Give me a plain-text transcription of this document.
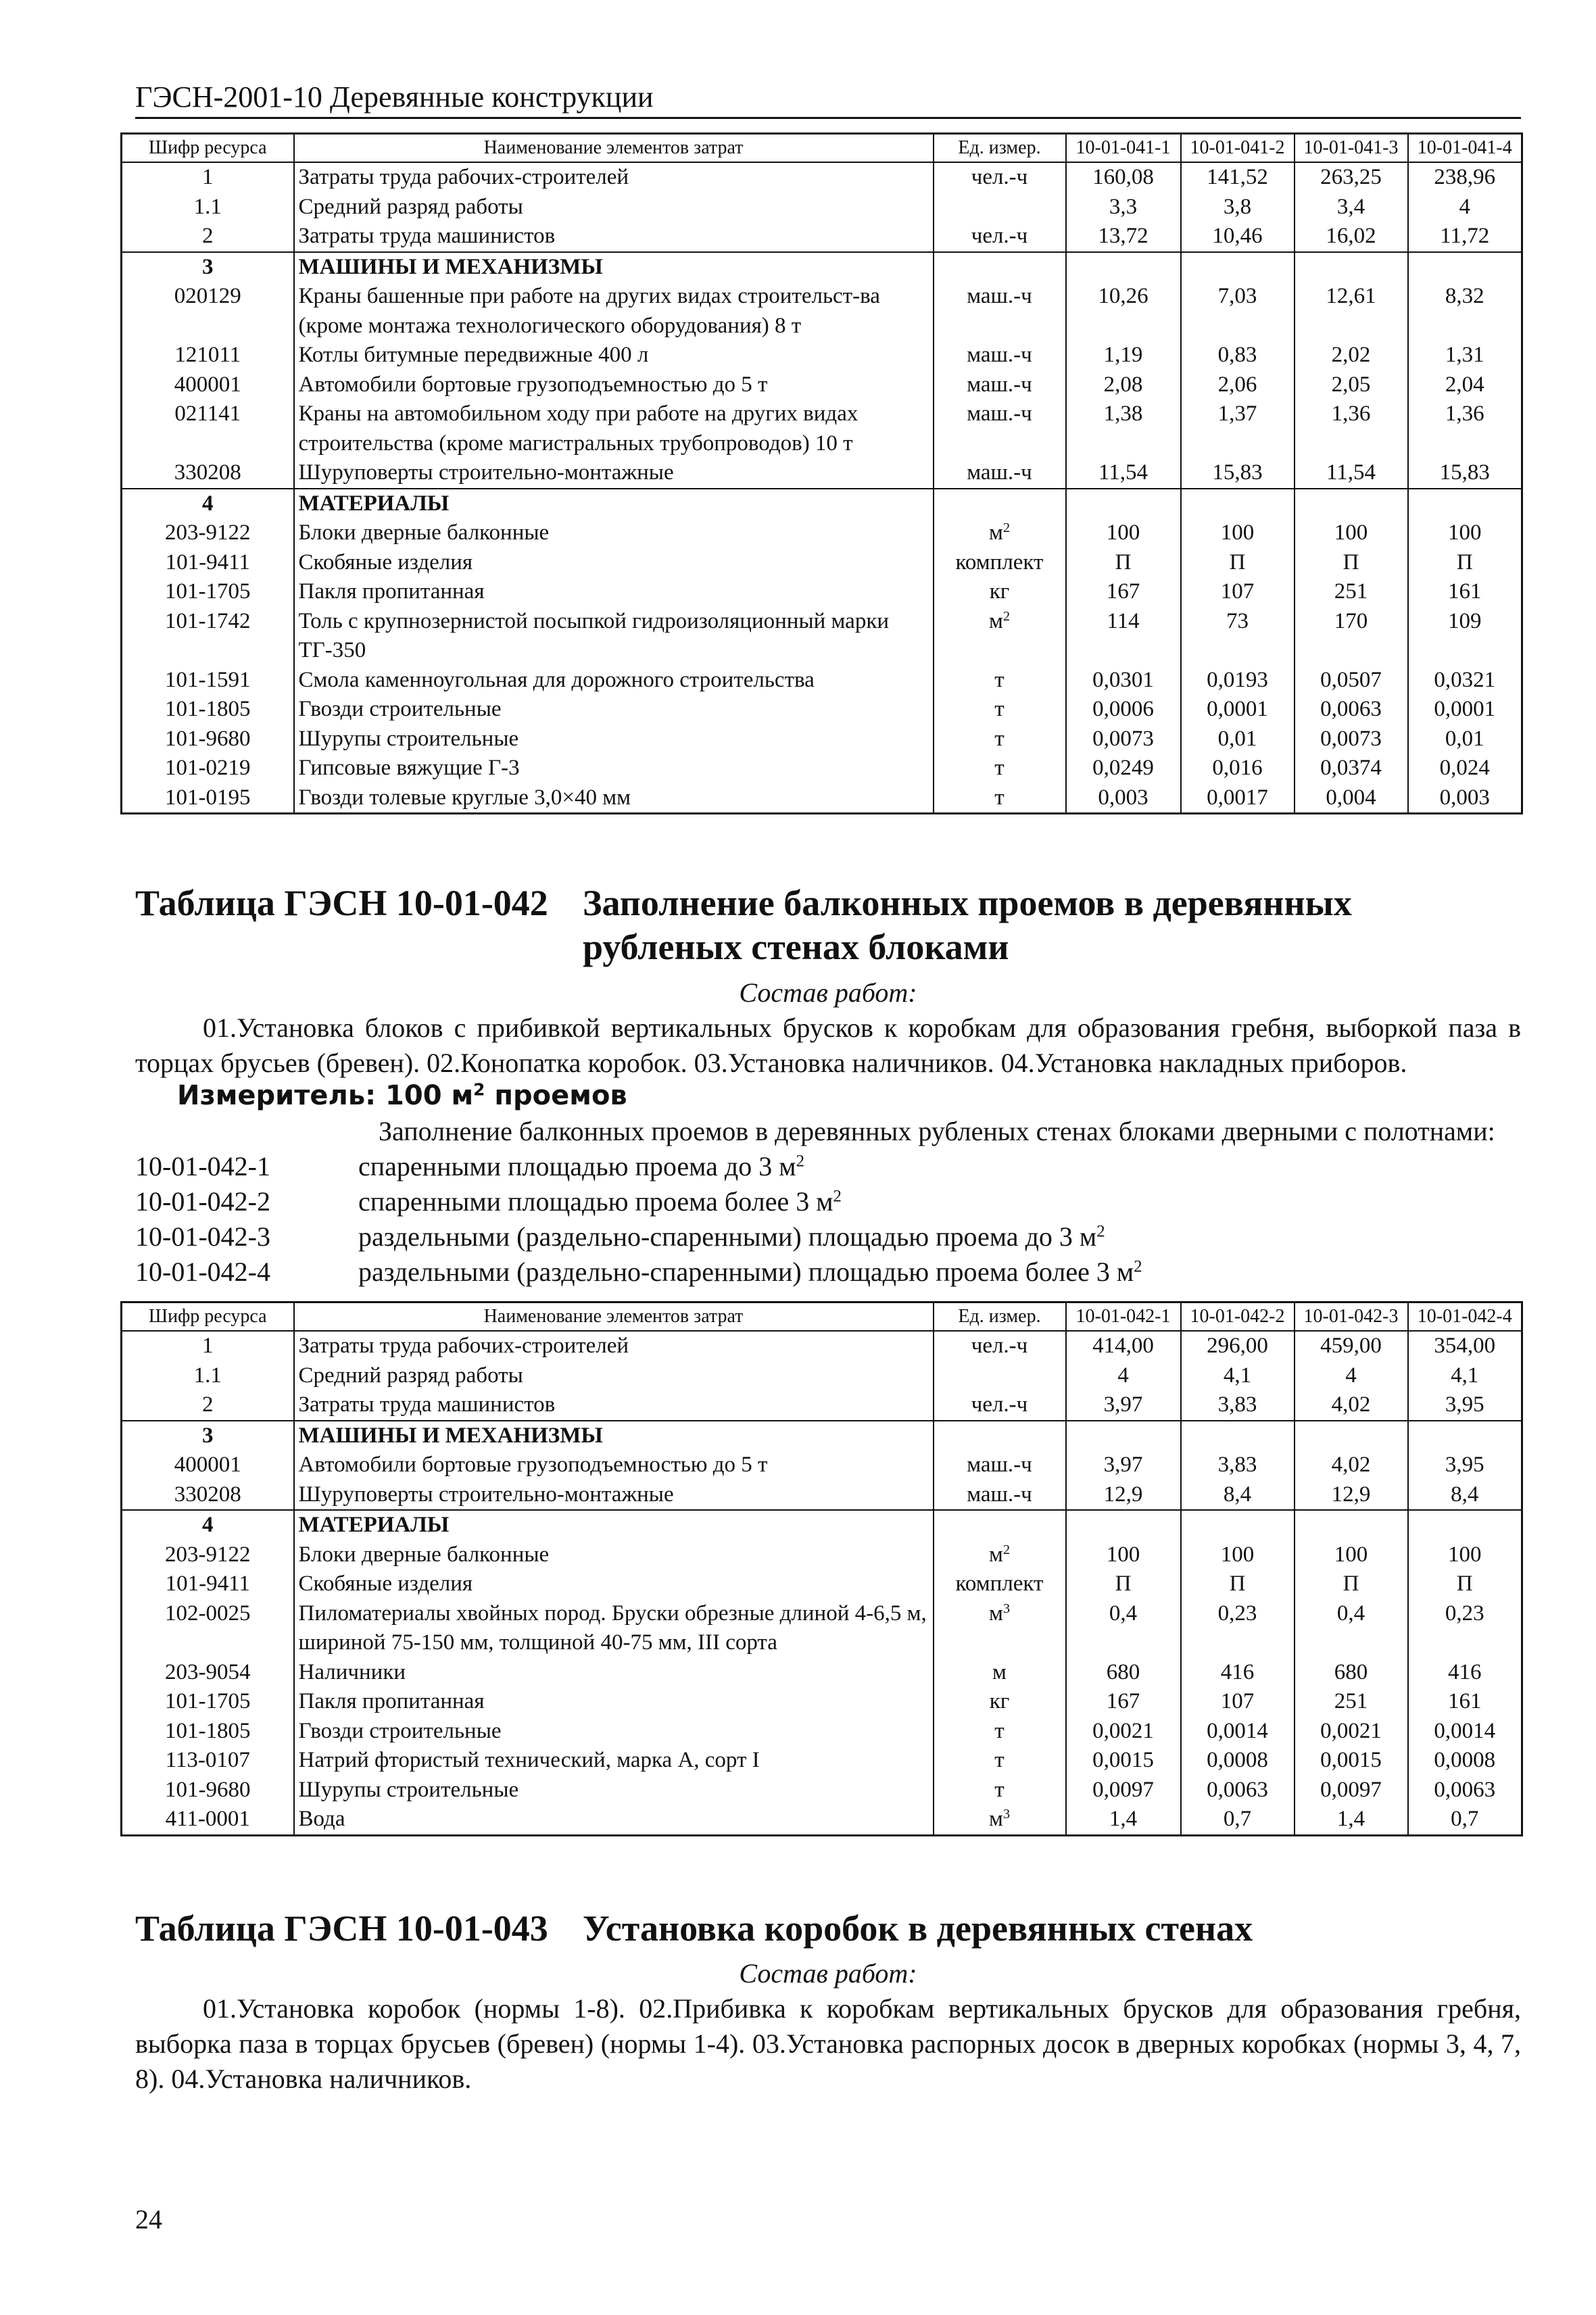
ГЭСН-2001-10 Деревянные конструкции
Шифр ресурса	Наименование элементов затрат	Ед. измер.	10-01-041-1	10-01-041-2	10-01-041-3	10-01-041-4
1	Затраты труда рабочих-строителей	чел.-ч	160,08	141,52	263,25	238,96
1.1	Средний разряд работы		3,3	3,8	3,4	4
2	Затраты труда машинистов	чел.-ч	13,72	10,46	16,02	11,72
3	МАШИНЫ И МЕХАНИЗМЫ					
020129	Краны башенные при работе на других видах строительст-ва (кроме монтажа технологического оборудования) 8 т	маш.-ч	10,26	7,03	12,61	8,32
121011	Котлы битумные передвижные 400 л	маш.-ч	1,19	0,83	2,02	1,31
400001	Автомобили бортовые грузоподъемностью до 5 т	маш.-ч	2,08	2,06	2,05	2,04
021141	Краны на автомобильном ходу при работе на других видах строительства (кроме магистральных трубопроводов) 10 т	маш.-ч	1,38	1,37	1,36	1,36
330208	Шуруповерты строительно-монтажные	маш.-ч	11,54	15,83	11,54	15,83
4	МАТЕРИАЛЫ					
203-9122	Блоки дверные балконные	$м^2$	100	100	100	100
101-9411	Скобяные изделия	комплект	П	П	П	П
101-1705	Пакля пропитанная	кг	167	107	251	161
101-1742	Толь с крупнозернистой посыпкой гидроизоляционный марки ТГ-350	$м^2$	114	73	170	109
101-1591	Смола каменноугольная для дорожного строительства	т	0,0301	0,0193	0,0507	0,0321
101-1805	Гвозди строительные	т	0,0006	0,0001	0,0063	0,0001
101-9680	Шурупы строительные	т	0,0073	0,01	0,0073	0,01
101-0219	Гипсовые вяжущие Г-3	т	0,0249	0,016	0,0374	0,024
101-0195	Гвозди толевые круглые 3,0×40 мм	т	0,003	0,0017	0,004	0,003
Таблица ГЭСН 10-01-042 Заполнение балконных проемов в деревянных
рубленых стенах блоками
Состав работ:
01.Установка блоков с прибивкой вертикальных брусков к коробкам для образования гребня, выборкой паза в торцах брусьев (бревен). 02.Конопатка коробок. 03.Установка наличников. 04.Установка накладных приборов.
Измеритель: 100 $м^2$ проемов
Заполнение балконных проемов в деревянных рубленых стенах блоками дверными с полотнами:
10-01-042-1	спаренными площадью проема до 3 $м^2$
10-01-042-2	спаренными площадью проема более 3 $м^2$
10-01-042-3	раздельными (раздельно-спаренными) площадью проема до 3 $м^2$
10-01-042-4	раздельными (раздельно-спаренными) площадью проема более 3 $м^2$
Шифр ресурса	Наименование элементов затрат	Ед. измер.	10-01-042-1	10-01-042-2	10-01-042-3	10-01-042-4
1	Затраты труда рабочих-строителей	чел.-ч	414,00	296,00	459,00	354,00
1.1	Средний разряд работы		4	4,1	4	4,1
2	Затраты труда машинистов	чел.-ч	3,97	3,83	4,02	3,95
3	МАШИНЫ И МЕХАНИЗМЫ					
400001	Автомобили бортовые грузоподъемностью до 5 т	маш.-ч	3,97	3,83	4,02	3,95
330208	Шуруповерты строительно-монтажные	маш.-ч	12,9	8,4	12,9	8,4
4	МАТЕРИАЛЫ					
203-9122	Блоки дверные балконные	$м^2$	100	100	100	100
101-9411	Скобяные изделия	комплект	П	П	П	П
102-0025	Пиломатериалы хвойных пород. Бруски обрезные длиной 4-6,5 м, шириной 75-150 мм, толщиной 40-75 мм, III сорта	$м^3$	0,4	0,23	0,4	0,23
203-9054	Наличники	м	680	416	680	416
101-1705	Пакля пропитанная	кг	167	107	251	161
101-1805	Гвозди строительные	т	0,0021	0,0014	0,0021	0,0014
113-0107	Натрий фтористый технический, марка А, сорт I	т	0,0015	0,0008	0,0015	0,0008
101-9680	Шурупы строительные	т	0,0097	0,0063	0,0097	0,0063
411-0001	Вода	$м^3$	1,4	0,7	1,4	0,7
Таблица ГЭСН 10-01-043 Установка коробок в деревянных стенах
Состав работ:
01.Установка коробок (нормы 1-8). 02.Прибивка к коробкам вертикальных брусков для образования гребня, выборка паза в торцах брусьев (бревен) (нормы 1-4). 03.Установка распорных досок в дверных коробках (нормы 3, 4, 7, 8). 04.Установка наличников.
24
